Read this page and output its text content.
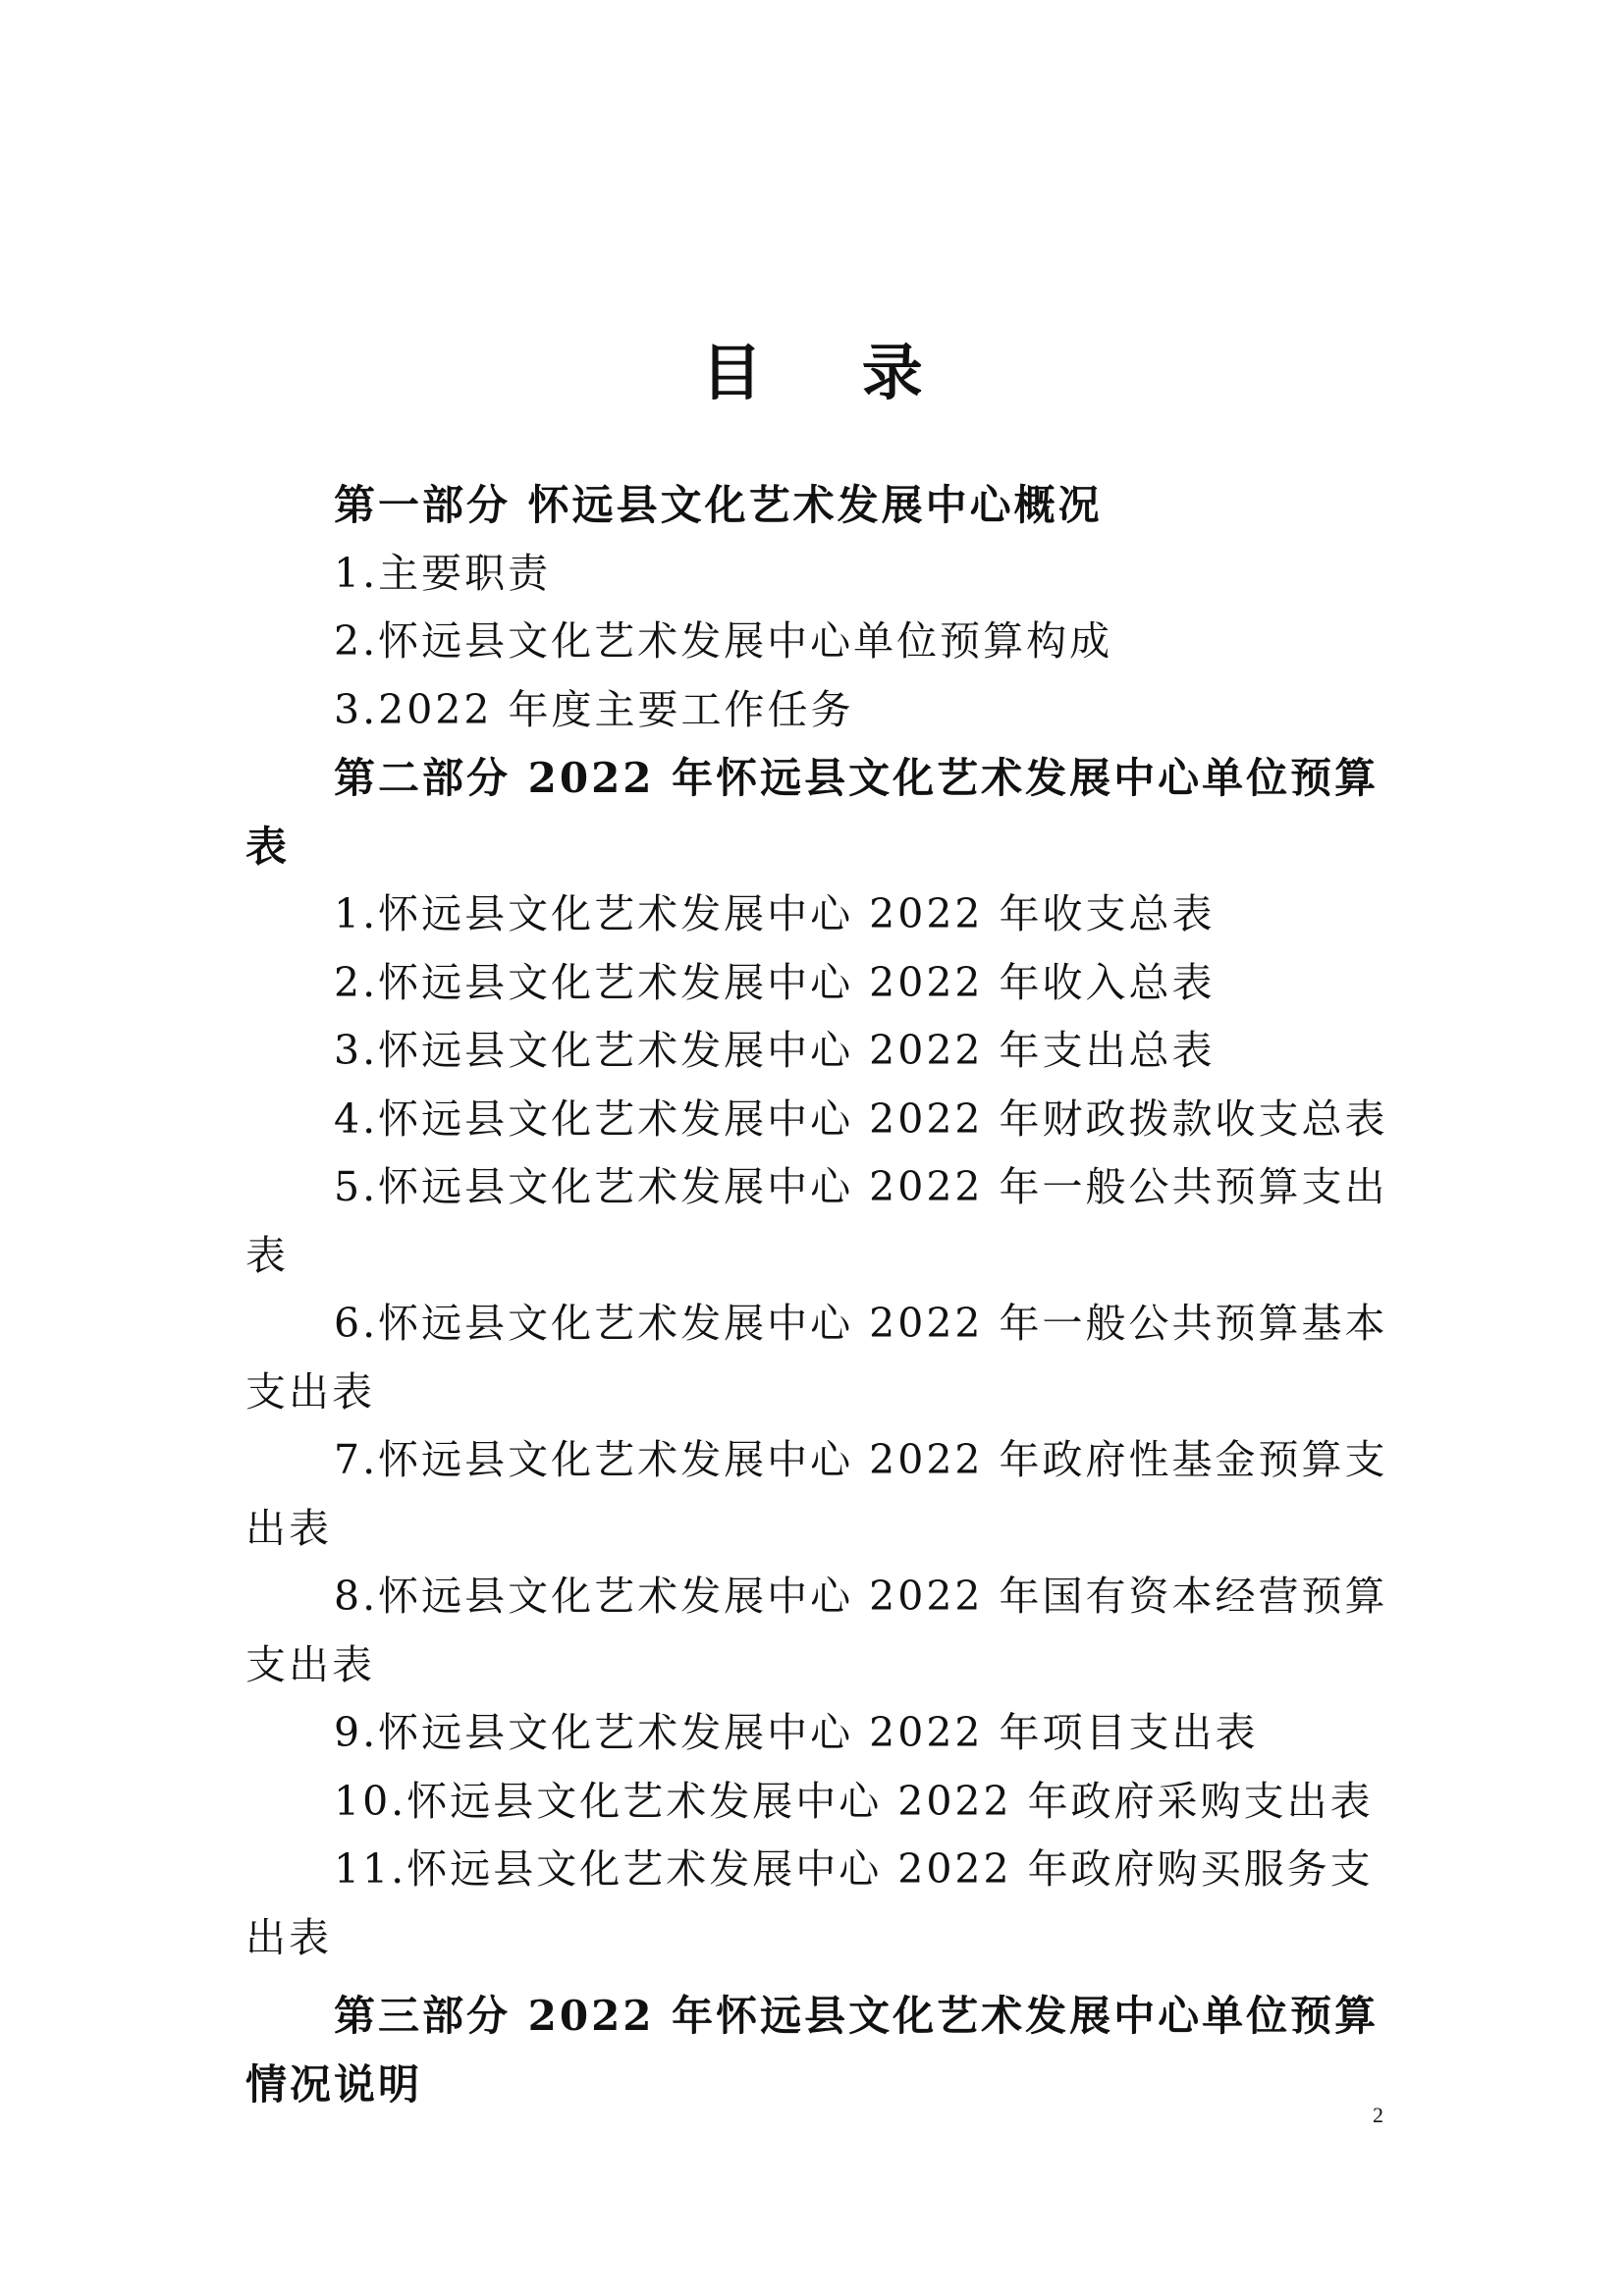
目 录

第一部分 怀远县文化艺术发展中心概况

1.主要职责

2.怀远县文化艺术发展中心单位预算构成

3.2022 年度主要工作任务

第二部分 2022 年怀远县文化艺术发展中心单位预算表

1.怀远县文化艺术发展中心 2022 年收支总表

2.怀远县文化艺术发展中心 2022 年收入总表

3.怀远县文化艺术发展中心 2022 年支出总表

4.怀远县文化艺术发展中心 2022 年财政拨款收支总表

5.怀远县文化艺术发展中心 2022 年一般公共预算支出表

6.怀远县文化艺术发展中心 2022 年一般公共预算基本支出表

7.怀远县文化艺术发展中心 2022 年政府性基金预算支出表

8.怀远县文化艺术发展中心 2022 年国有资本经营预算支出表

9.怀远县文化艺术发展中心 2022 年项目支出表

10.怀远县文化艺术发展中心 2022 年政府采购支出表

11.怀远县文化艺术发展中心 2022 年政府购买服务支出表

第三部分 2022 年怀远县文化艺术发展中心单位预算情况说明

2
